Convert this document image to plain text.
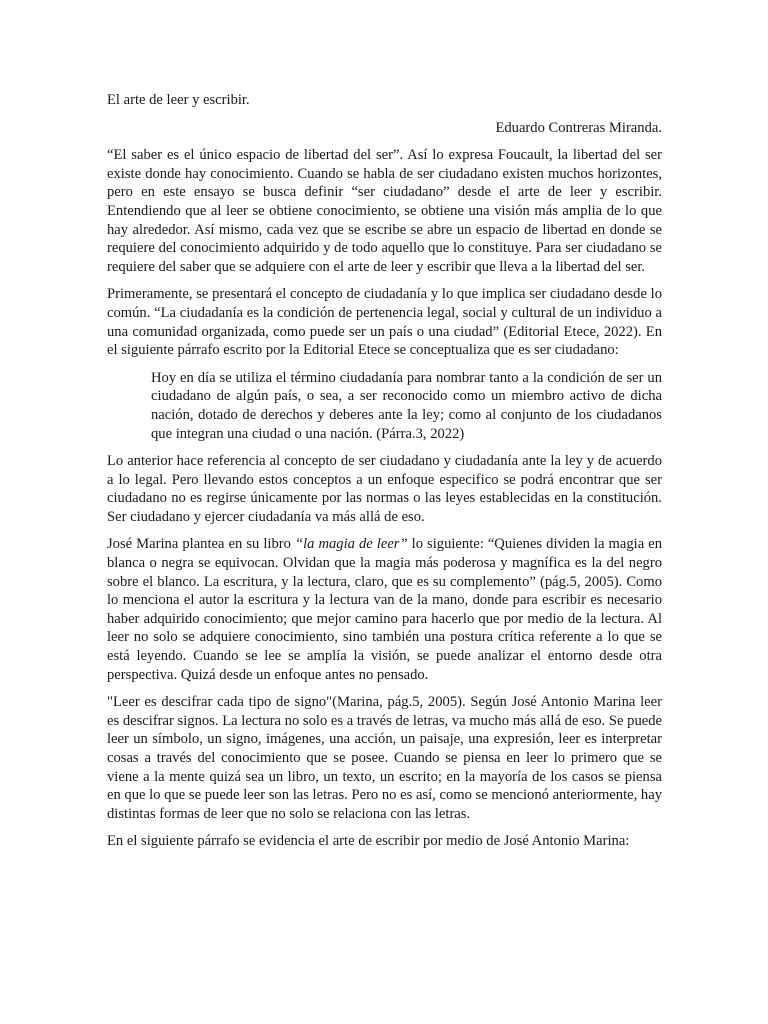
El arte de leer y escribir.
Eduardo Contreras Miranda.

“El saber es el único espacio de libertad del ser”. Así lo expresa Foucault, la libertad del ser existe donde hay conocimiento. Cuando se habla de ser ciudadano existen muchos horizontes, pero en este ensayo se busca definir “ser ciudadano” desde el arte de leer y escribir. Entendiendo que al leer se obtiene conocimiento, se obtiene una visión más amplia de lo que hay alrededor. Así mismo, cada vez que se escribe se abre un espacio de libertad en donde se requiere del conocimiento adquirido y de todo aquello que lo constituye. Para ser ciudadano se requiere del saber que se adquiere con el arte de leer y escribir que lleva a la libertad del ser.

Primeramente, se presentará el concepto de ciudadanía y lo que implica ser ciudadano desde lo común. “La ciudadanía es la condición de pertenencia legal, social y cultural de un individuo a una comunidad organizada, como puede ser un país o una ciudad” (Editorial Etece, 2022). En el siguiente párrafo escrito por la Editorial Etece se conceptualiza que es ser ciudadano:

Hoy en día se utiliza el término ciudadanía para nombrar tanto a la condición de ser un ciudadano de algún país, o sea, a ser reconocido como un miembro activo de dicha nación, dotado de derechos y deberes ante la ley; como al conjunto de los ciudadanos que integran una ciudad o una nación. (Párra.3, 2022)

Lo anterior hace referencia al concepto de ser ciudadano y ciudadanía ante la ley y de acuerdo a lo legal. Pero llevando estos conceptos a un enfoque especifico se podrá encontrar que ser ciudadano no es regirse únicamente por las normas o las leyes establecidas en la constitución. Ser ciudadano y ejercer ciudadanía va más allá de eso.

José Marina plantea en su libro “la magia de leer” lo siguiente: “Quienes dividen la magia en blanca o negra se equivocan. Olvidan que la magia más poderosa y magnífica es la del negro sobre el blanco. La escritura, y la lectura, claro, que es su complemento” (pág.5, 2005). Como lo menciona el autor la escritura y la lectura van de la mano, donde para escribir es necesario haber adquirido conocimiento; que mejor camino para hacerlo que por medio de la lectura. Al leer no solo se adquiere conocimiento, sino también una postura crítica referente a lo que se está leyendo. Cuando se lee se amplía la visión, se puede analizar el entorno desde otra perspectiva. Quizá desde un enfoque antes no pensado.

"Leer es descifrar cada tipo de signo"(Marina, pág.5, 2005). Según José Antonio Marina leer es descifrar signos. La lectura no solo es a través de letras, va mucho más allá de eso. Se puede leer un símbolo, un signo, imágenes, una acción, un paisaje, una expresión, leer es interpretar cosas a través del conocimiento que se posee. Cuando se piensa en leer lo primero que se viene a la mente quizá sea un libro, un texto, un escrito; en la mayoría de los casos se piensa en que lo que se puede leer son las letras. Pero no es así, como se mencionó anteriormente, hay distintas formas de leer que no solo se relaciona con las letras.

En el siguiente párrafo se evidencia el arte de escribir por medio de José Antonio Marina:
